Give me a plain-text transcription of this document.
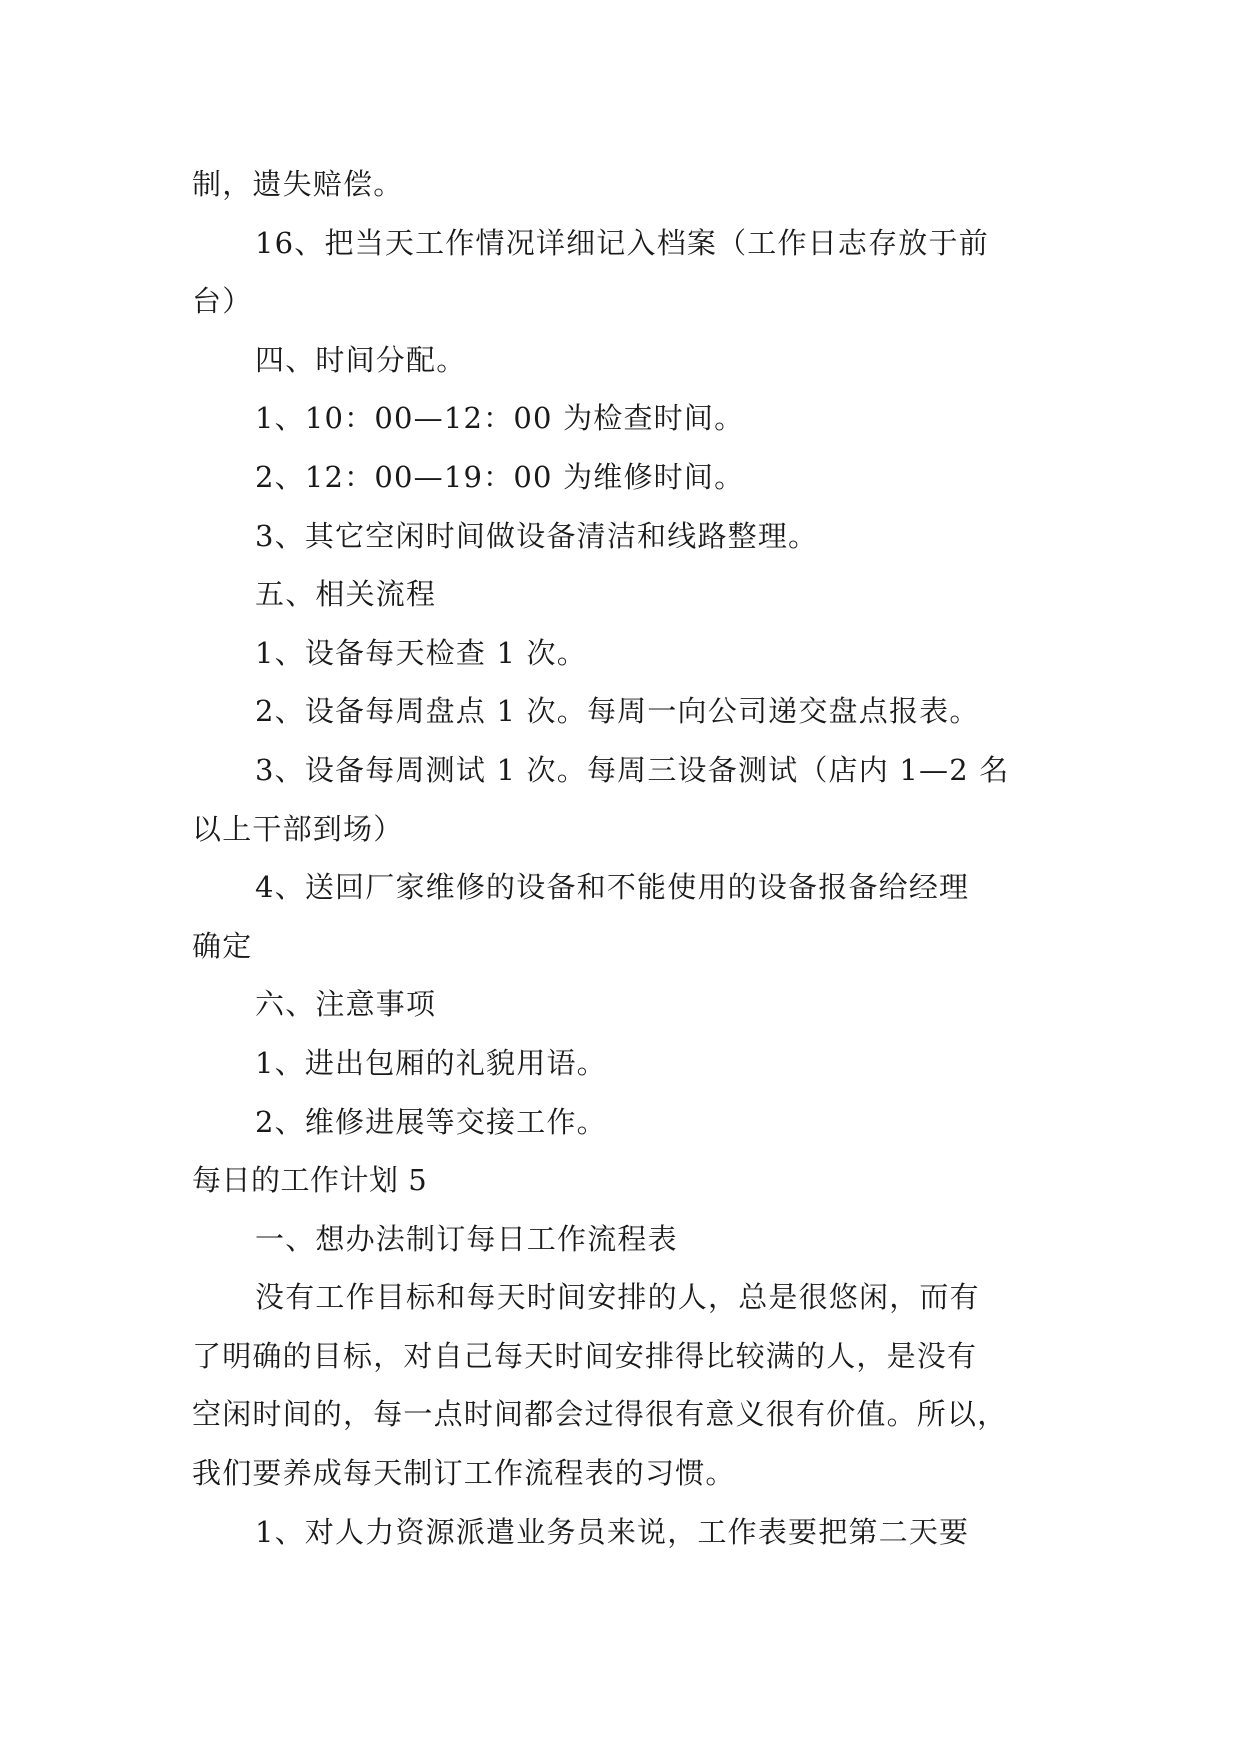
制，遗失赔偿。
16、把当天工作情况详细记入档案（工作日志存放于前
台）
四、时间分配。
1、10：00—12：00 为检查时间。
2、12：00—19：00 为维修时间。
3、其它空闲时间做设备清洁和线路整理。
五、相关流程
1、设备每天检查 1 次。
2、设备每周盘点 1 次。每周一向公司递交盘点报表。
3、设备每周测试 1 次。每周三设备测试（店内 1—2 名
以上干部到场）
4、送回厂家维修的设备和不能使用的设备报备给经理
确定
六、注意事项
1、进出包厢的礼貌用语。
2、维修进展等交接工作。
每日的工作计划 5
一、想办法制订每日工作流程表
没有工作目标和每天时间安排的人，总是很悠闲，而有
了明确的目标，对自己每天时间安排得比较满的人，是没有
空闲时间的，每一点时间都会过得很有意义很有价值。所以，
我们要养成每天制订工作流程表的习惯。
1、对人力资源派遣业务员来说，工作表要把第二天要
